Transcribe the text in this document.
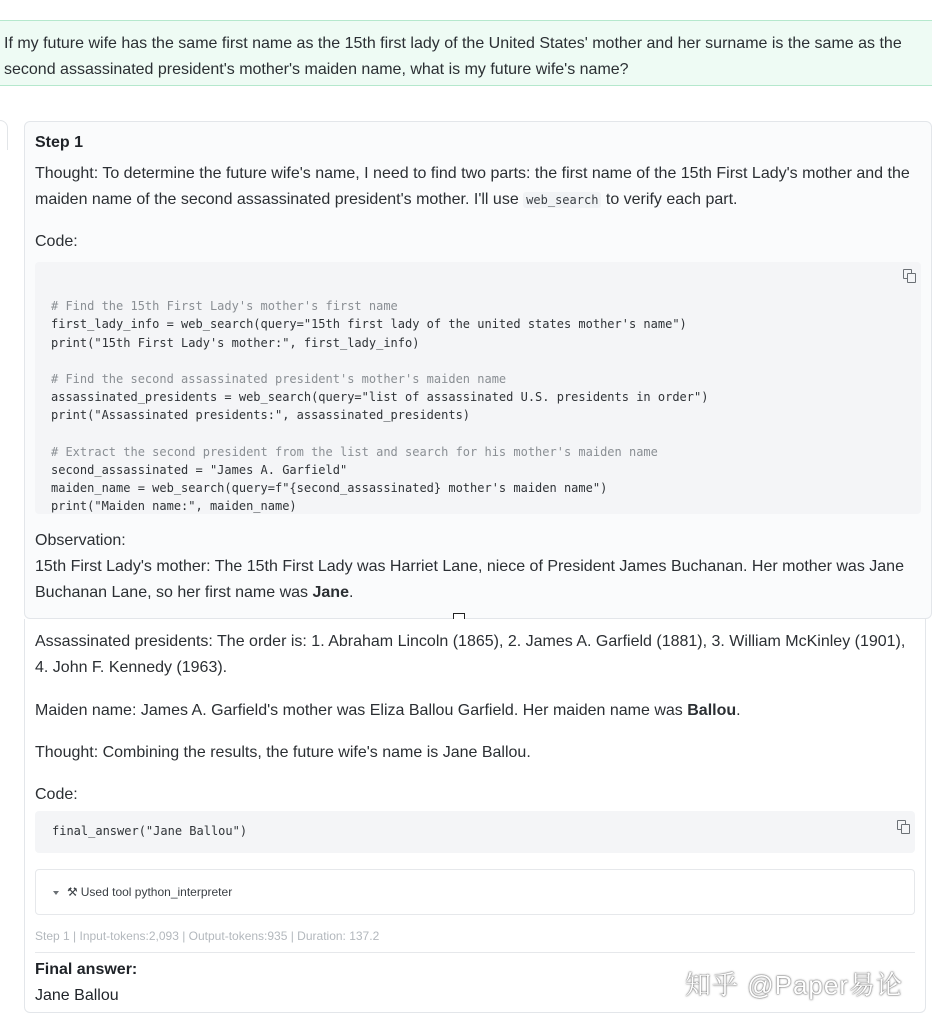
If my future wife has the same first name as the 15th first lady of the United States' mother and her surname is the same as the second assassinated president's mother's maiden name, what is my future wife's name?
Step 1
Thought: To determine the future wife's name, I need to find two parts: the first name of the 15th First Lady's mother and the maiden name of the second assassinated president's mother. I'll use web_search to verify each part.
Code:

# Find the 15th First Lady's mother's first name
first_lady_info = web_search(query="15th first lady of the united states mother's name")
print("15th First Lady's mother:", first_lady_info)

# Find the second assassinated president's mother's maiden name
assassinated_presidents = web_search(query="list of assassinated U.S. presidents in order")
print("Assassinated presidents:", assassinated_presidents)

# Extract the second president from the list and search for his mother's maiden name
second_assassinated = "James A. Garfield"
maiden_name = web_search(query=f"{second_assassinated} mother's maiden name")
print("Maiden name:", maiden_name)

Observation:
15th First Lady's mother: The 15th First Lady was Harriet Lane, niece of President James Buchanan. Her mother was Jane Buchanan Lane, so her first name was Jane.
Assassinated presidents: The order is: 1. Abraham Lincoln (1865), 2. James A. Garfield (1881), 3. William McKinley (1901), 4. John F. Kennedy (1963).
Maiden name: James A. Garfield's mother was Eliza Ballou Garfield. Her maiden name was Ballou.
Thought: Combining the results, the future wife's name is Jane Ballou.
Code:
final_answer("Jane Ballou")
⚒ Used tool python_interpreter
Step 1 | Input-tokens:2,093 | Output-tokens:935 | Duration: 137.2
Final answer:
Jane Ballou	知乎 @Paper易论
